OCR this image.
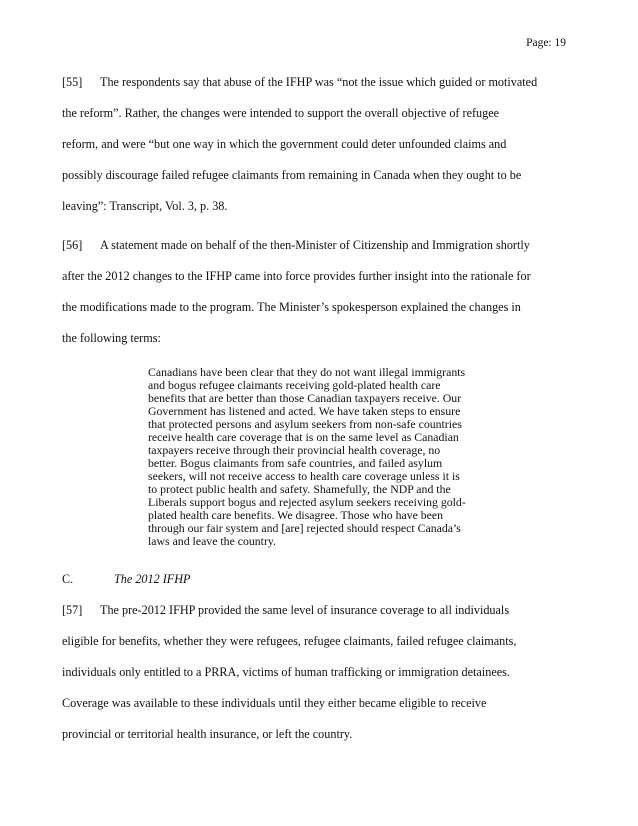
Page: 19
[55] The respondents say that abuse of the IFHP was “not the issue which guided or motivated
the reform”. Rather, the changes were intended to support the overall objective of refugee
reform, and were “but one way in which the government could deter unfounded claims and
possibly discourage failed refugee claimants from remaining in Canada when they ought to be
leaving”: Transcript, Vol. 3, p. 38.
[56] A statement made on behalf of the then-Minister of Citizenship and Immigration shortly
after the 2012 changes to the IFHP came into force provides further insight into the rationale for
the modifications made to the program. The Minister’s spokesperson explained the changes in
the following terms:
Canadians have been clear that they do not want illegal immigrants
and bogus refugee claimants receiving gold-plated health care
benefits that are better than those Canadian taxpayers receive. Our
Government has listened and acted. We have taken steps to ensure
that protected persons and asylum seekers from non-safe countries
receive health care coverage that is on the same level as Canadian
taxpayers receive through their provincial health coverage, no
better. Bogus claimants from safe countries, and failed asylum
seekers, will not receive access to health care coverage unless it is
to protect public health and safety. Shamefully, the NDP and the
Liberals support bogus and rejected asylum seekers receiving gold-
plated health care benefits. We disagree. Those who have been
through our fair system and [are] rejected should respect Canada’s
laws and leave the country.
C.	The 2012 IFHP
[57] The pre-2012 IFHP provided the same level of insurance coverage to all individuals
eligible for benefits, whether they were refugees, refugee claimants, failed refugee claimants,
individuals only entitled to a PRRA, victims of human trafficking or immigration detainees.
Coverage was available to these individuals until they either became eligible to receive
provincial or territorial health insurance, or left the country.
